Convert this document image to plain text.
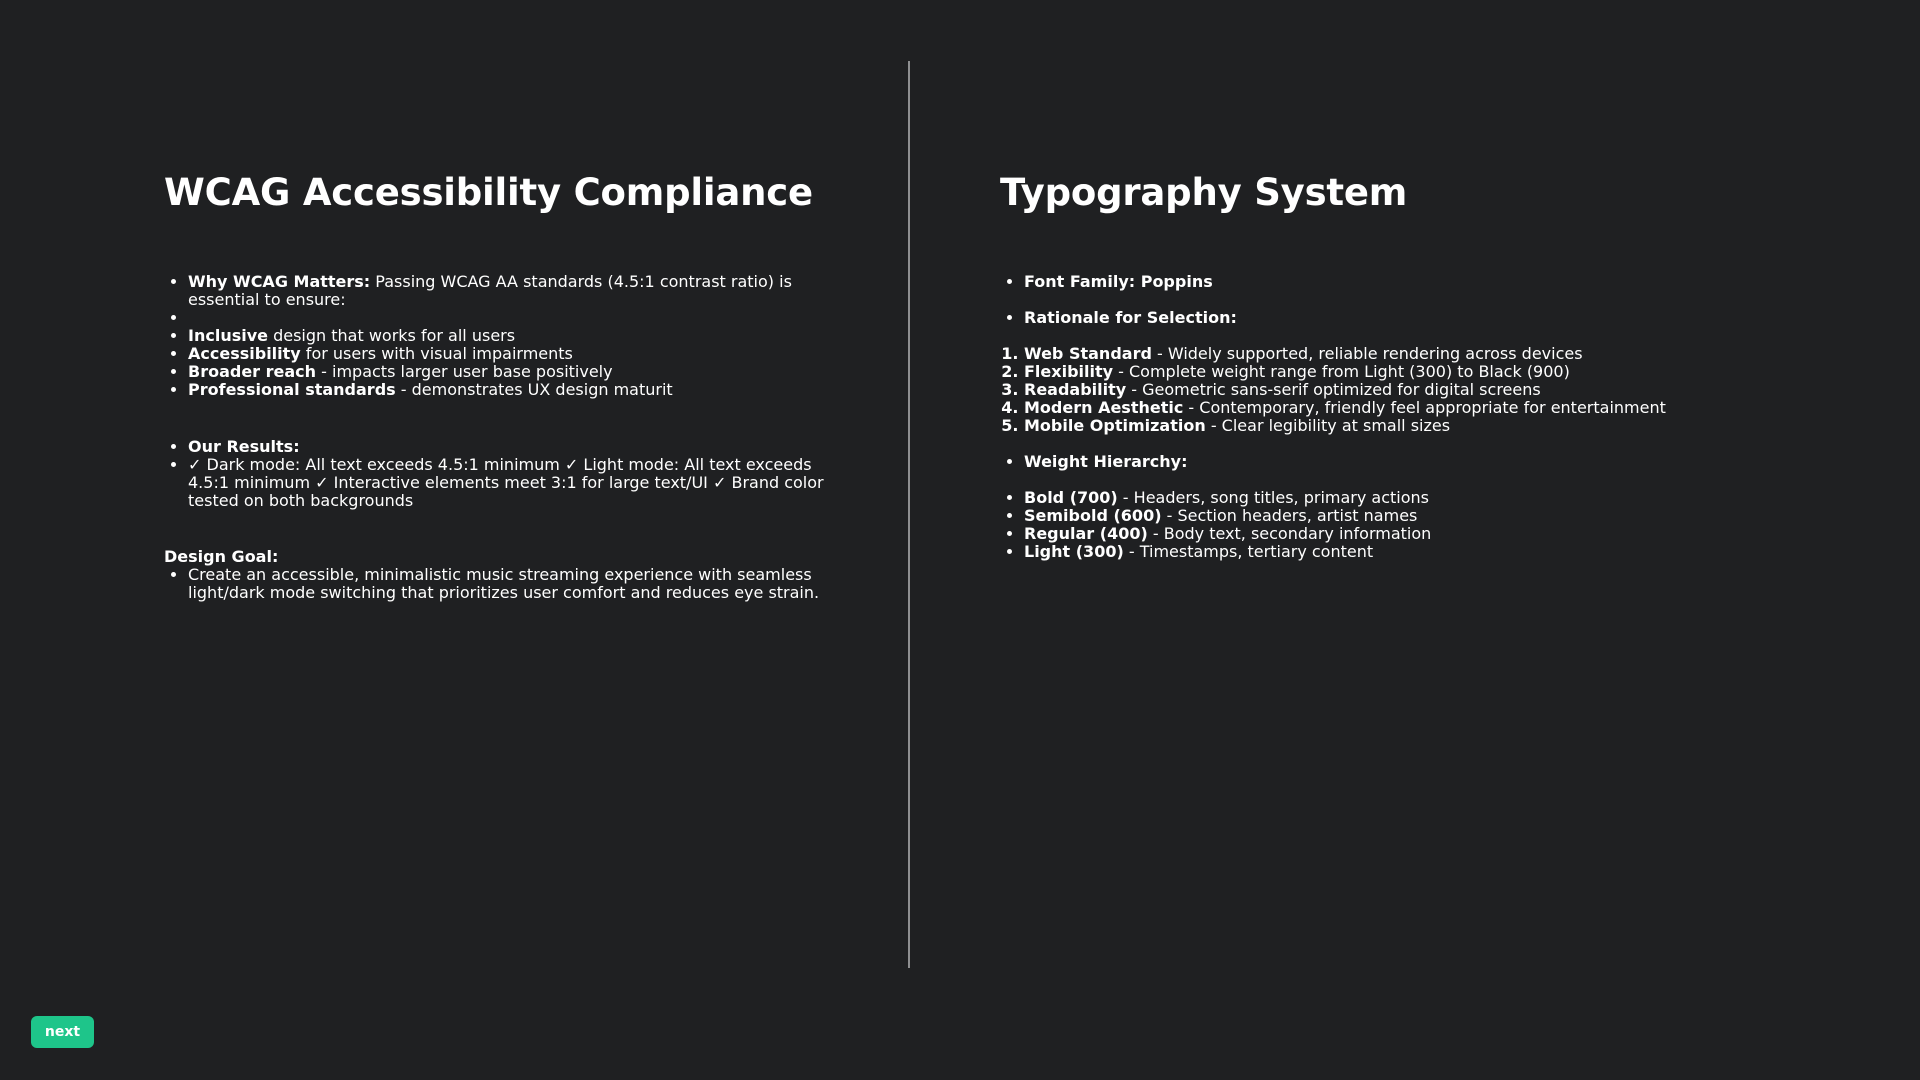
WCAG Accessibility Compliance
• Why WCAG Matters: Passing WCAG AA standards (4.5:1 contrast ratio) is essential to ensure:
•
• Inclusive design that works for all users
• Accessibility for users with visual impairments
• Broader reach - impacts larger user base positively
• Professional standards - demonstrates UX design maturit
• Our Results:
• ✓ Dark mode: All text exceeds 4.5:1 minimum ✓ Light mode: All text exceeds 4.5:1 minimum ✓ Interactive elements meet 3:1 for large text/UI ✓ Brand color tested on both backgrounds
Design Goal:
• Create an accessible, minimalistic music streaming experience with seamless light/dark mode switching that prioritizes user comfort and reduces eye strain.
Typography System
• Font Family: Poppins
• Rationale for Selection:
1. Web Standard - Widely supported, reliable rendering across devices
2. Flexibility - Complete weight range from Light (300) to Black (900)
3. Readability - Geometric sans-serif optimized for digital screens
4. Modern Aesthetic - Contemporary, friendly feel appropriate for entertainment
5. Mobile Optimization - Clear legibility at small sizes
• Weight Hierarchy:
• Bold (700) - Headers, song titles, primary actions
• Semibold (600) - Section headers, artist names
• Regular (400) - Body text, secondary information
• Light (300) - Timestamps, tertiary content
next
